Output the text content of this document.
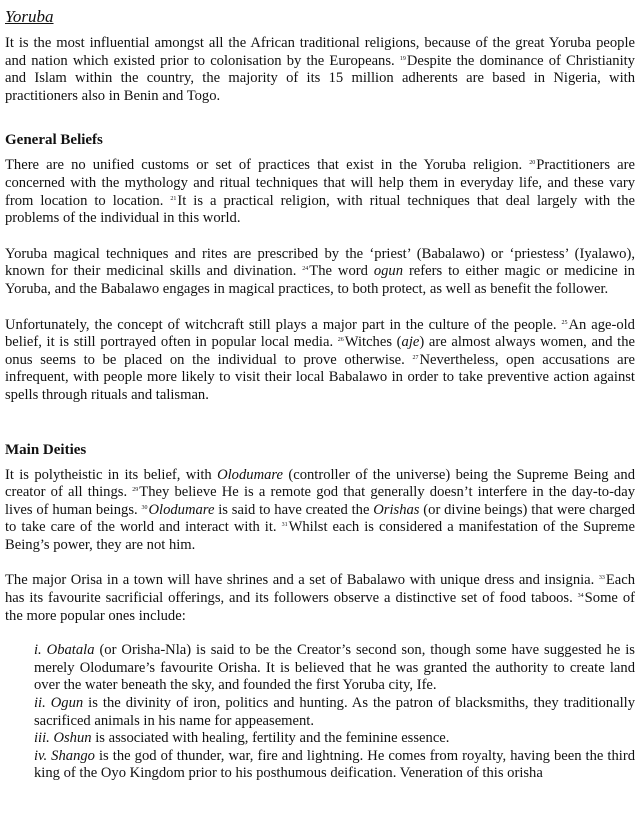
Yoruba

It is the most influential amongst all the African traditional religions, because of the great Yoruba people and nation which existed prior to colonisation by the Europeans. $^{19}$Despite the dominance of Christianity and Islam within the country, the majority of its 15 million adherents are based in Nigeria, with practitioners also in Benin and Togo.

General Beliefs

There are no unified customs or set of practices that exist in the Yoruba religion. $^{20}$Practitioners are concerned with the mythology and ritual techniques that will help them in everyday life, and these vary from location to location. $^{21}$It is a practical religion, with ritual techniques that deal largely with the problems of the individual in this world.

Yoruba magical techniques and rites are prescribed by the ‘priest’ (Babalawo) or ‘priestess’ (Iyalawo), known for their medicinal skills and divination. $^{24}$The word ogun refers to either magic or medicine in Yoruba, and the Babalawo engages in magical practices, to both protect, as well as benefit the follower.

Unfortunately, the concept of witchcraft still plays a major part in the culture of the people. $^{25}$An age-old belief, it is still portrayed often in popular local media. $^{26}$Witches (aje) are almost always women, and the onus seems to be placed on the individual to prove otherwise. $^{27}$Nevertheless, open accusations are infrequent, with people more likely to visit their local Babalawo in order to take preventive action against spells through rituals and talisman.

Main Deities

It is polytheistic in its belief, with Olodumare (controller of the universe) being the Supreme Being and creator of all things. $^{29}$They believe He is a remote god that generally doesn’t interfere in the day-to-day lives of human beings. $^{30}$Olodumare is said to have created the Orishas (or divine beings) that were charged to take care of the world and interact with it. $^{31}$Whilst each is considered a manifestation of the Supreme Being’s power, they are not him.

The major Orisa in a town will have shrines and a set of Babalawo with unique dress and insignia. $^{33}$Each has its favourite sacrificial offerings, and its followers observe a distinctive set of food taboos. $^{34}$Some of the more popular ones include:

i. Obatala (or Orisha-Nla) is said to be the Creator’s second son, though some have suggested he is merely Olodumare’s favourite Orisha. It is believed that he was granted the authority to create land over the water beneath the sky, and founded the first Yoruba city, Ife.
ii. Ogun is the divinity of iron, politics and hunting. As the patron of blacksmiths, they traditionally sacrificed animals in his name for appeasement.
iii. Oshun is associated with healing, fertility and the feminine essence.
iv. Shango is the god of thunder, war, fire and lightning. He comes from royalty, having been the third king of the Oyo Kingdom prior to his posthumous deification. Veneration of this orisha
